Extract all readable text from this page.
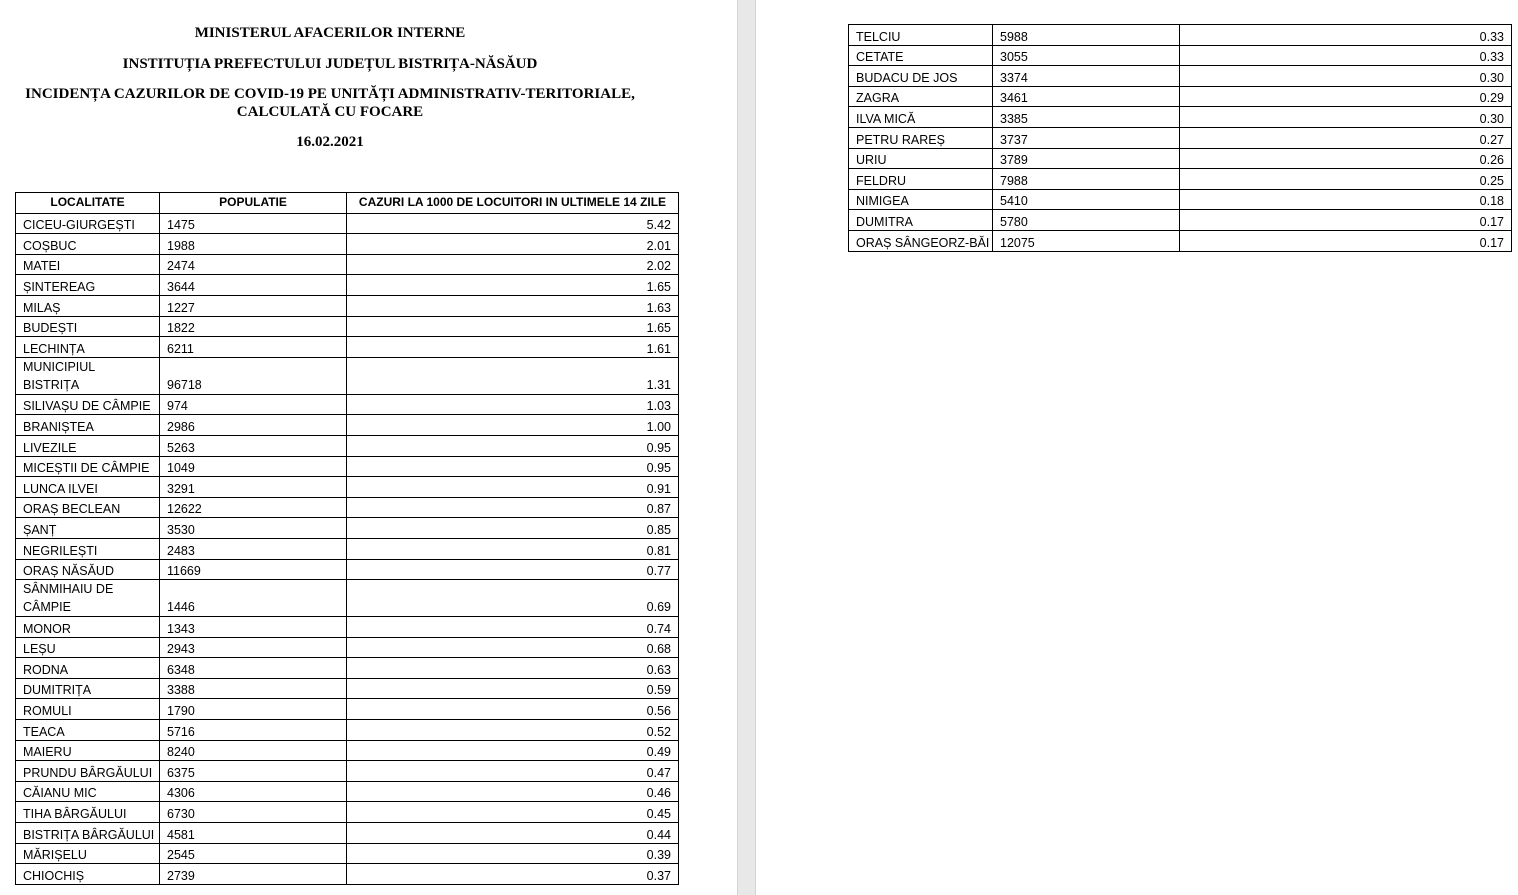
MINISTERUL AFACERILOR INTERNE
INSTITUȚIA PREFECTULUI JUDEȚUL BISTRIȚA-NĂSĂUD
INCIDENȚA CAZURILOR DE COVID-19 PE UNITĂȚI ADMINISTRATIV-TERITORIALE,
CALCULATĂ CU FOCARE
16.02.2021
LOCALITATE	POPULATIE	CAZURI LA 1000 DE LOCUITORI IN ULTIMELE 14 ZILE
CICEU-GIURGEȘTI	1475	5.42
COȘBUC	1988	2.01
MATEI	2474	2.02
ȘINTEREAG	3644	1.65
MILAȘ	1227	1.63
BUDEȘTI	1822	1.65
LECHINȚA	6211	1.61
MUNICIPIUL BISTRIȚA	96718	1.31
SILIVAȘU DE CÂMPIE	974	1.03
BRANIȘTEA	2986	1.00
LIVEZILE	5263	0.95
MICEȘTII DE CÂMPIE	1049	0.95
LUNCA ILVEI	3291	0.91
ORAȘ BECLEAN	12622	0.87
ȘANȚ	3530	0.85
NEGRILEȘTI	2483	0.81
ORAȘ NĂSĂUD	11669	0.77
SÂNMIHAIU DE CÂMPIE	1446	0.69
MONOR	1343	0.74
LEȘU	2943	0.68
RODNA	6348	0.63
DUMITRIȚA	3388	0.59
ROMULI	1790	0.56
TEACA	5716	0.52
MAIERU	8240	0.49
PRUNDU BÂRGĂULUI	6375	0.47
CĂIANU MIC	4306	0.46
TIHA BÂRGĂULUI	6730	0.45
BISTRIȚA BÂRGĂULUI	4581	0.44
MĂRIȘELU	2545	0.39
CHIOCHIȘ	2739	0.37
TELCIU	5988	0.33
CETATE	3055	0.33
BUDACU DE JOS	3374	0.30
ZAGRA	3461	0.29
ILVA MICĂ	3385	0.30
PETRU RAREȘ	3737	0.27
URIU	3789	0.26
FELDRU	7988	0.25
NIMIGEA	5410	0.18
DUMITRA	5780	0.17
ORAȘ SÂNGEORZ-BĂI	12075	0.17
